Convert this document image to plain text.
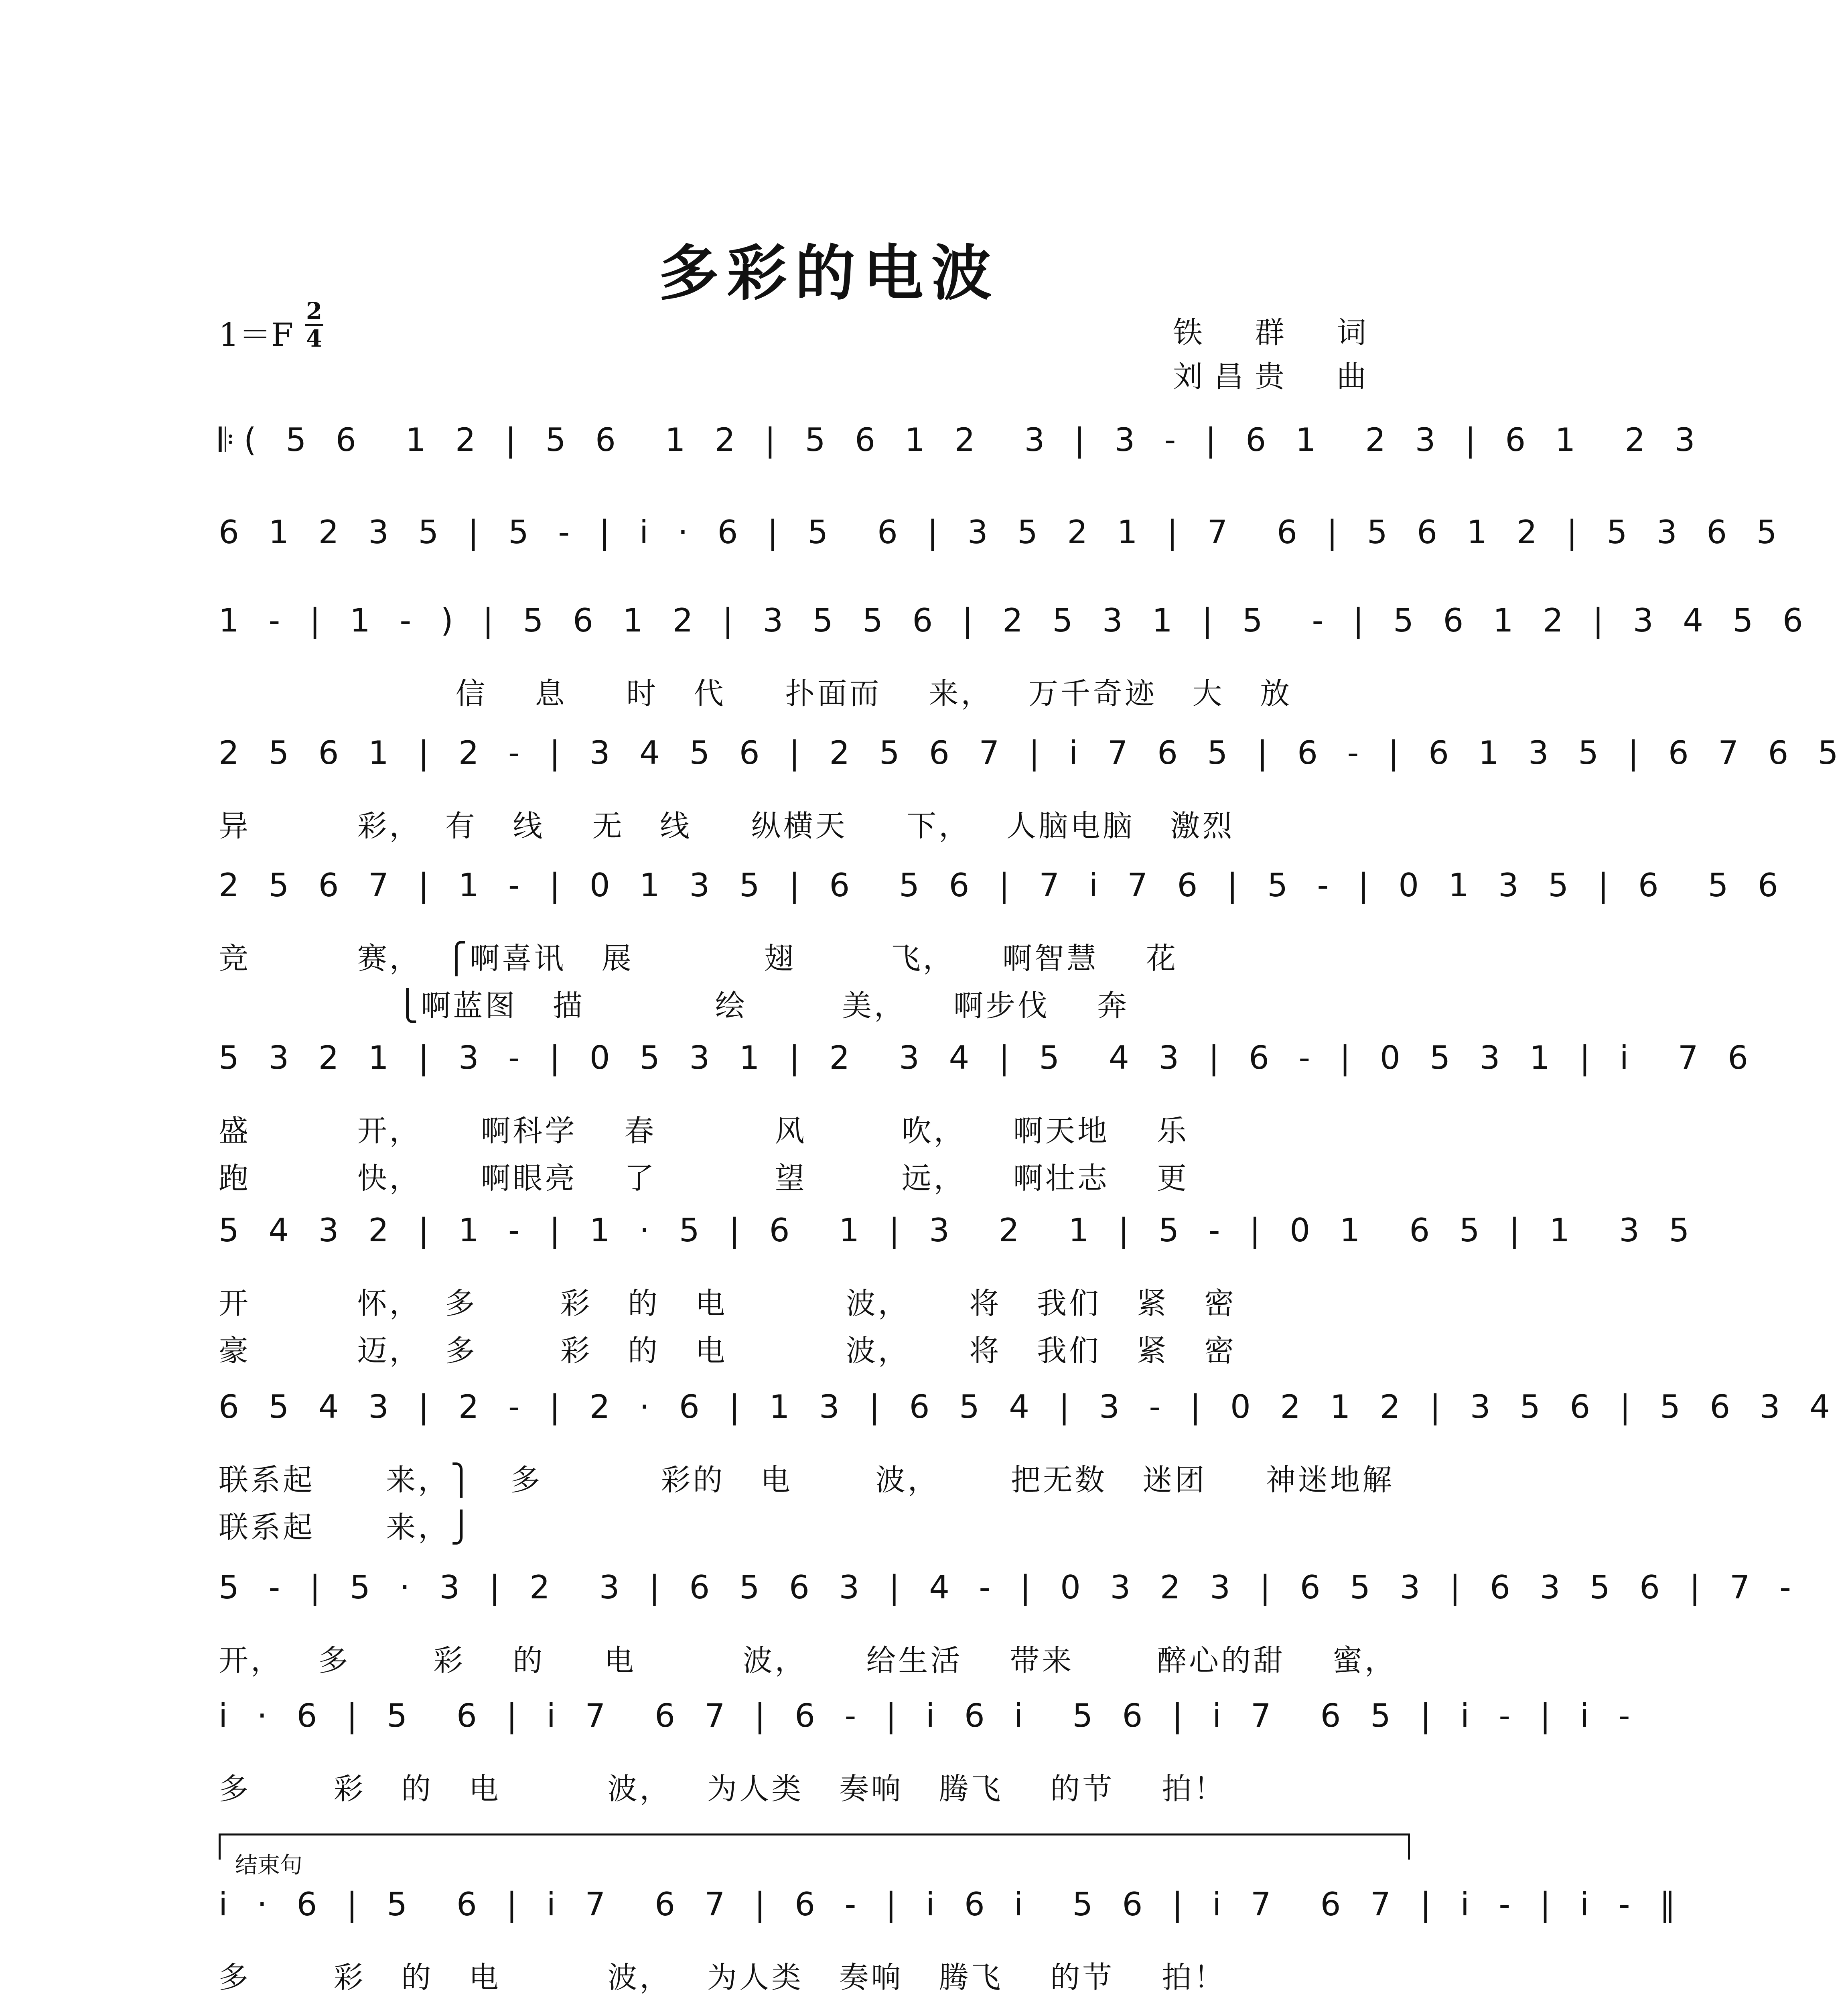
多彩的电波
1＝F
2
4	铁　群　词
刘昌贵　曲
𝄆( 5 6  1 2 | 5 6  1 2 | 5 6 1 2  3 | 3 - | 6 1  2 3 | 6 1  2 3
6 1 2 3 5 | 5 - | i · 6 | 5  6 | 3 5 2 1 | 7  6 | 5 6 1 2 | 5 3 6 5
1 - | 1 - ) | 5 6 1 2 | 3 5 5 6 | 2 5 3 1 | 5  - | 5 6 1 2 | 3 4 5 6
信    息     时   代     扑面而    来，   万千奇迹   大   放
2 5 6 1 | 2 - | 3 4 5 6 | 2 5 6 7 | i 7 6 5 | 6 - | 6 1 3 5 | 6 7 6 5
异         彩，  有   线    无   线     纵横天     下，   人脑电脑   激烈
2 5 6 7 | 1 - | 0 1 3 5 | 6  5 6 | 7 i 7 6 | 5 - | 0 1 3 5 | 6  5 6
竞         赛，  ⎧啊喜讯   展           翅        飞，    啊智慧    花
⎩啊蓝图   描           绘        美，    啊步伐    奔
5 3 2 1 | 3 - | 0 5 3 1 | 2  3 4 | 5  4 3 | 6 - | 0 5 3 1 | i  7 6
盛         开，     啊科学    春          风        吹，    啊天地    乐
跑         快，     啊眼亮    了          望        远，    啊壮志    更
5 4 3 2 | 1 - | 1 · 5 | 6  1 | 3  2  1 | 5 - | 0 1  6 5 | 1  3 5
开         怀，  多       彩   的   电          波，     将   我们   紧   密
豪         迈，  多       彩   的   电          波，     将   我们   紧   密
6 5 4 3 | 2 - | 2 · 6 | 1 3 | 6 5 4 | 3 - | 0 2 1 2 | 3 5 6 | 5 6 3 4
联系起      来，⎫   多          彩的   电       波，      把无数   迷团     神迷地解
联系起      来，⎭
5 - | 5 · 3 | 2  3 | 6 5 6 3 | 4 - | 0 3 2 3 | 6 5 3 | 6 3 5 6 | 7 -
开，   多       彩    的     电         波，     给生活    带来       醉心的甜    蜜，
i · 6 | 5  6 | i 7  6 7 | 6 - | i 6 i  5 6 | i 7  6 5 | i - | i -
多       彩   的   电         波，   为人类   奏响   腾飞    的节    拍！
结束句
i · 6 | 5  6 | i 7  6 7 | 6 - | i 6 i  5 6 | i 7  6 7 | i - | i - ‖
多       彩   的   电         波，   为人类   奏响   腾飞    的节    拍！
